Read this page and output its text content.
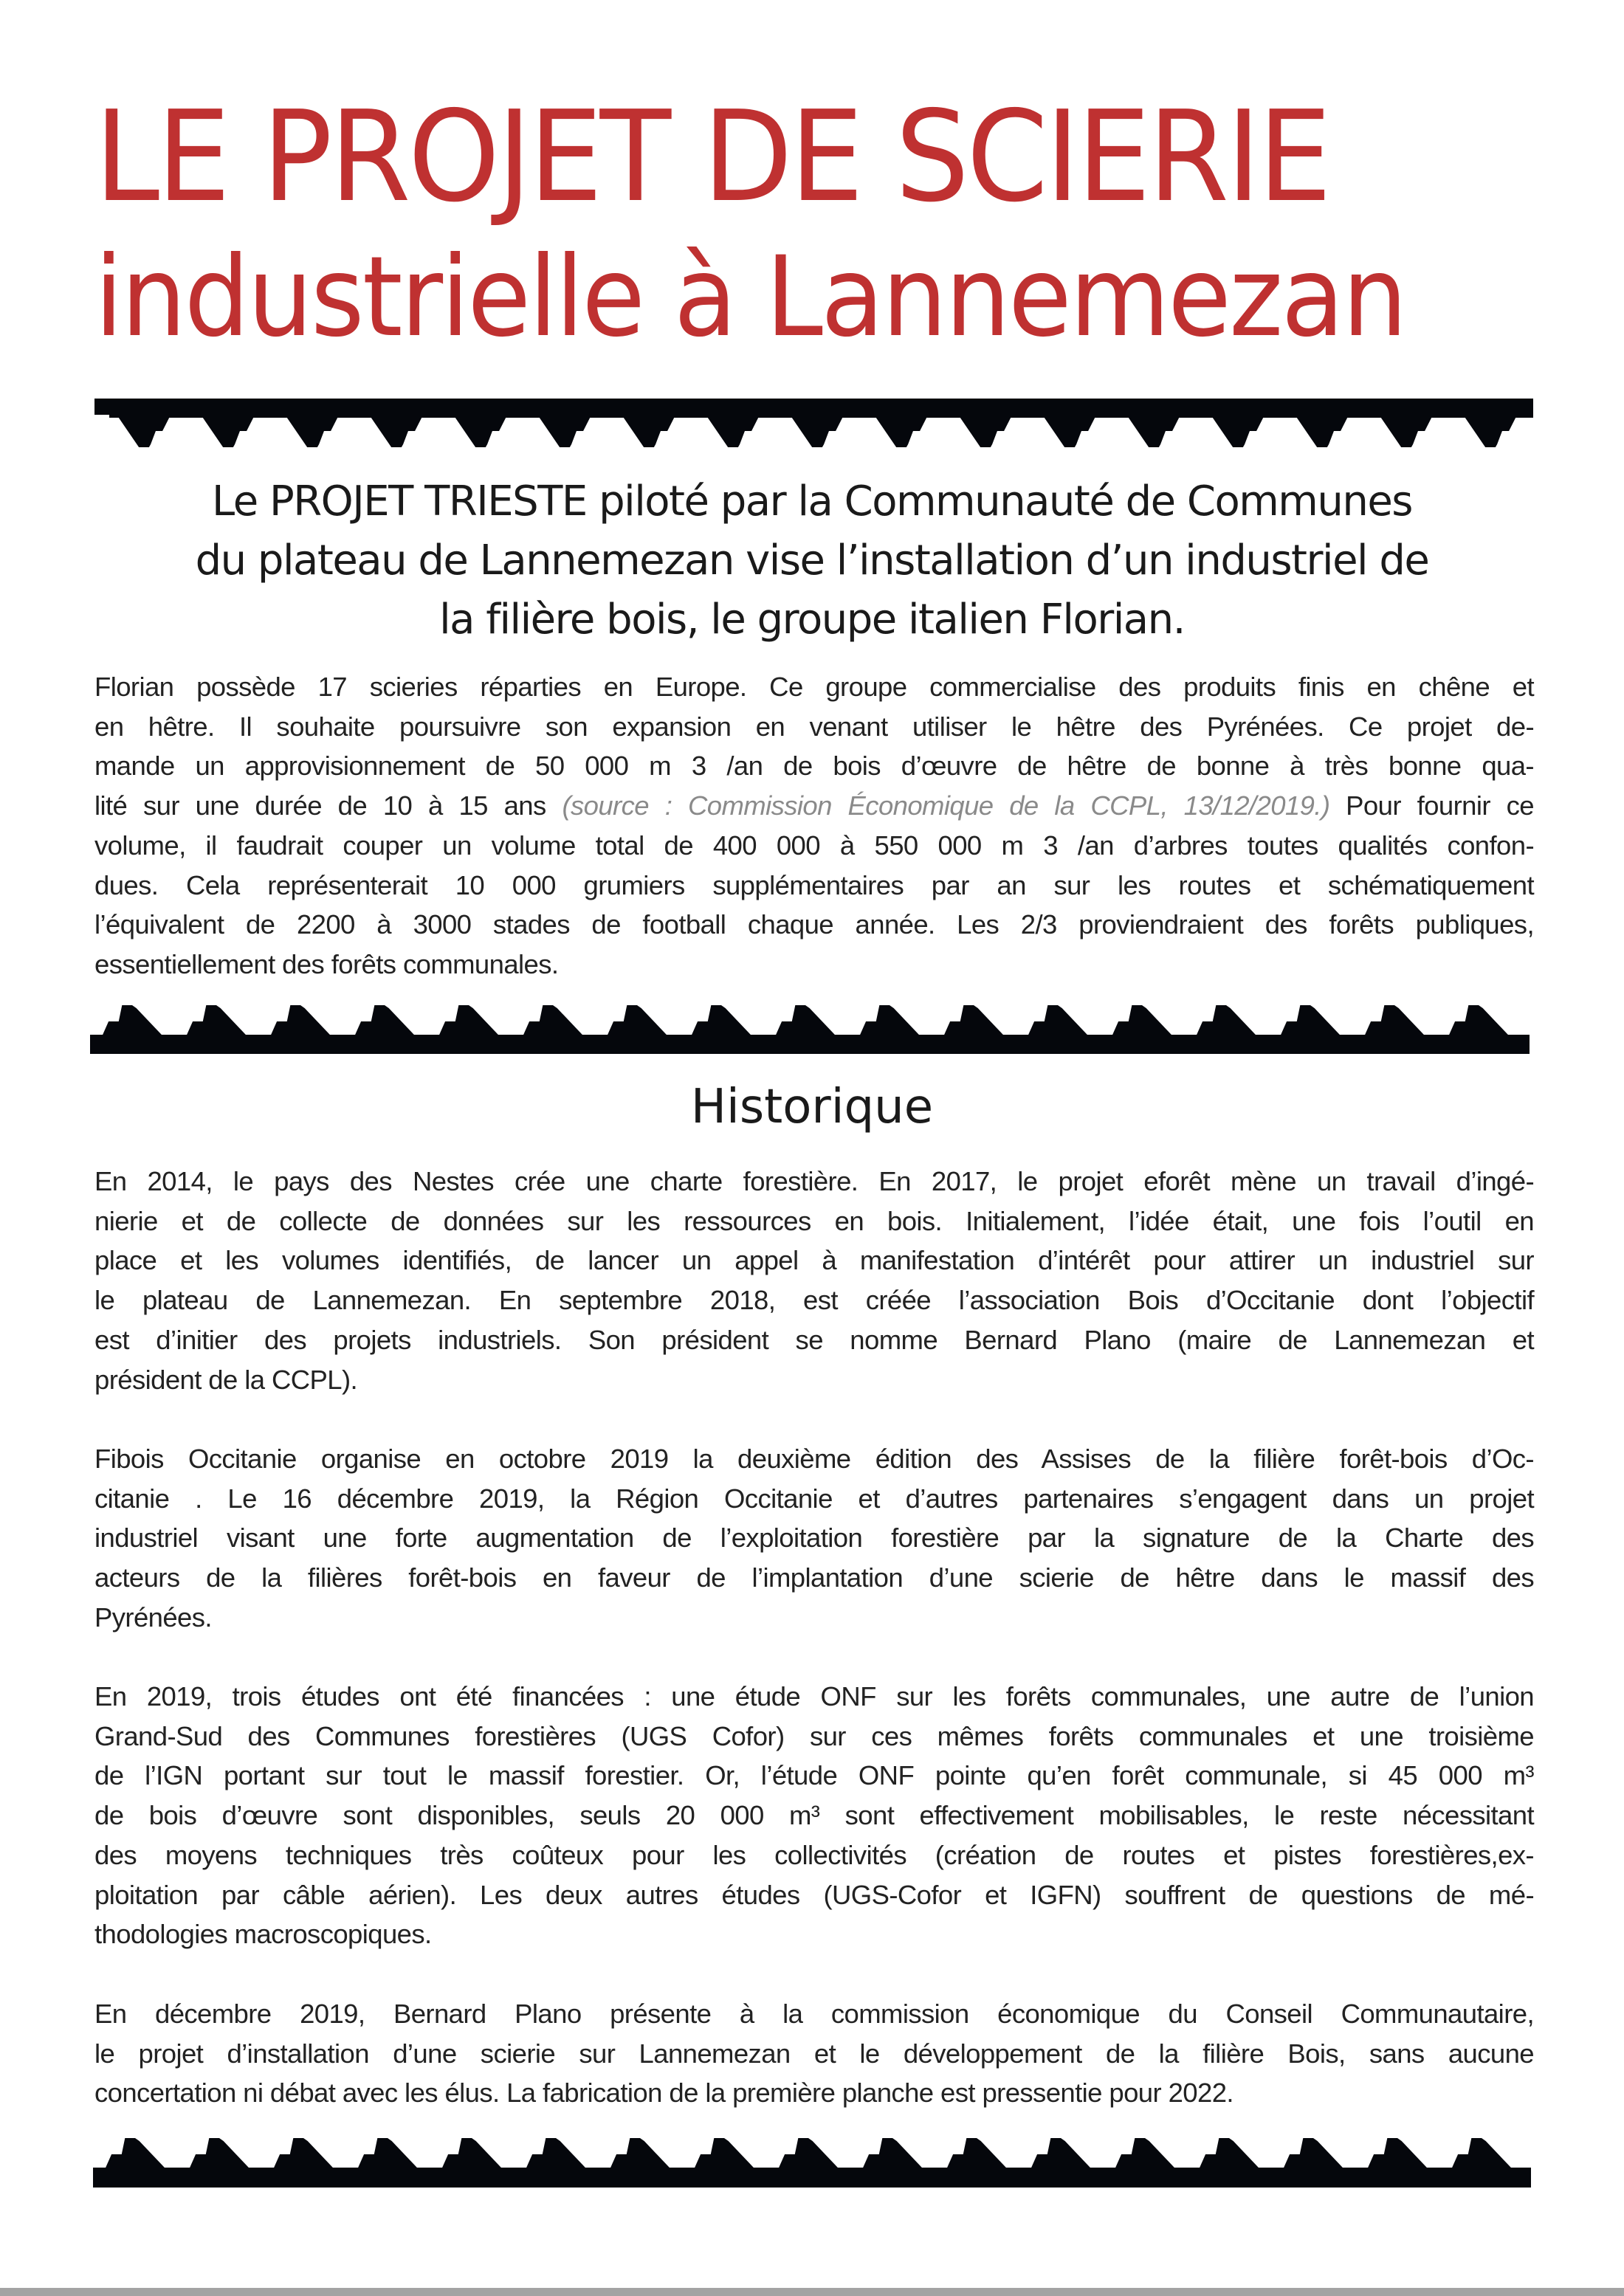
LE PROJET DE SCIERIE
industrielle à Lannemezan
Le PROJET TRIESTE piloté par la Communauté de Communes
du plateau de Lannemezan vise l’installation d’un industriel de
la filière bois, le groupe italien Florian.
Florian possède 17 scieries réparties en Europe. Ce groupe commercialise des produits finis en chêne et
en hêtre. Il souhaite poursuivre son expansion en venant utiliser le hêtre des Pyrénées. Ce projet de-
mande un approvisionnement de 50 000 m 3 /an de bois d’œuvre de hêtre de bonne à très bonne qua-
lité sur une durée de 10 à 15 ans (source : Commission Économique de la CCPL, 13/12/2019.) Pour fournir ce
volume, il faudrait couper un volume total de 400 000 à 550 000 m 3 /an d’arbres toutes qualités confon-
dues. Cela représenterait 10 000 grumiers supplémentaires par an sur les routes et schématiquement
l’équivalent de 2200 à 3000 stades de football chaque année. Les 2/3 proviendraient des forêts publiques,
essentiellement des forêts communales.
Historique
En 2014, le pays des Nestes crée une charte forestière. En 2017, le projet eforêt mène un travail d’ingé-
nierie et de collecte de données sur les ressources en bois. Initialement, l’idée était, une fois l’outil en
place et les volumes identifiés, de lancer un appel à manifestation d’intérêt pour attirer un industriel sur
le plateau de Lannemezan. En septembre 2018, est créée l’association Bois d’Occitanie dont l’objectif
est d’initier des projets industriels. Son président se nomme Bernard Plano (maire de Lannemezan et
président de la CCPL).
Fibois Occitanie organise en octobre 2019 la deuxième édition des Assises de la filière forêt-bois d’Oc-
citanie . Le 16 décembre 2019, la Région Occitanie et d’autres partenaires s’engagent dans un projet
industriel visant une forte augmentation de l’exploitation forestière par la signature de la Charte des
acteurs de la filières forêt-bois en faveur de l’implantation d’une scierie de hêtre dans le massif des
Pyrénées.
En 2019, trois études ont été financées : une étude ONF sur les forêts communales, une autre de l’union
Grand-Sud des Communes forestières (UGS Cofor) sur ces mêmes forêts communales et une troisième
de l’IGN portant sur tout le massif forestier. Or, l’étude ONF pointe qu’en forêt communale, si 45 000 m³
de bois d’œuvre sont disponibles, seuls 20 000 m³ sont effectivement mobilisables, le reste nécessitant
des moyens techniques très coûteux pour les collectivités (création de routes et pistes forestières,ex-
ploitation par câble aérien). Les deux autres études (UGS-Cofor et IGFN) souffrent de questions de mé-
thodologies macroscopiques.
En décembre 2019, Bernard Plano présente à la commission économique du Conseil Communautaire,
le projet d’installation d’une scierie sur Lannemezan et le développement de la filière Bois, sans aucune
concertation ni débat avec les élus. La fabrication de la première planche est pressentie pour 2022.
